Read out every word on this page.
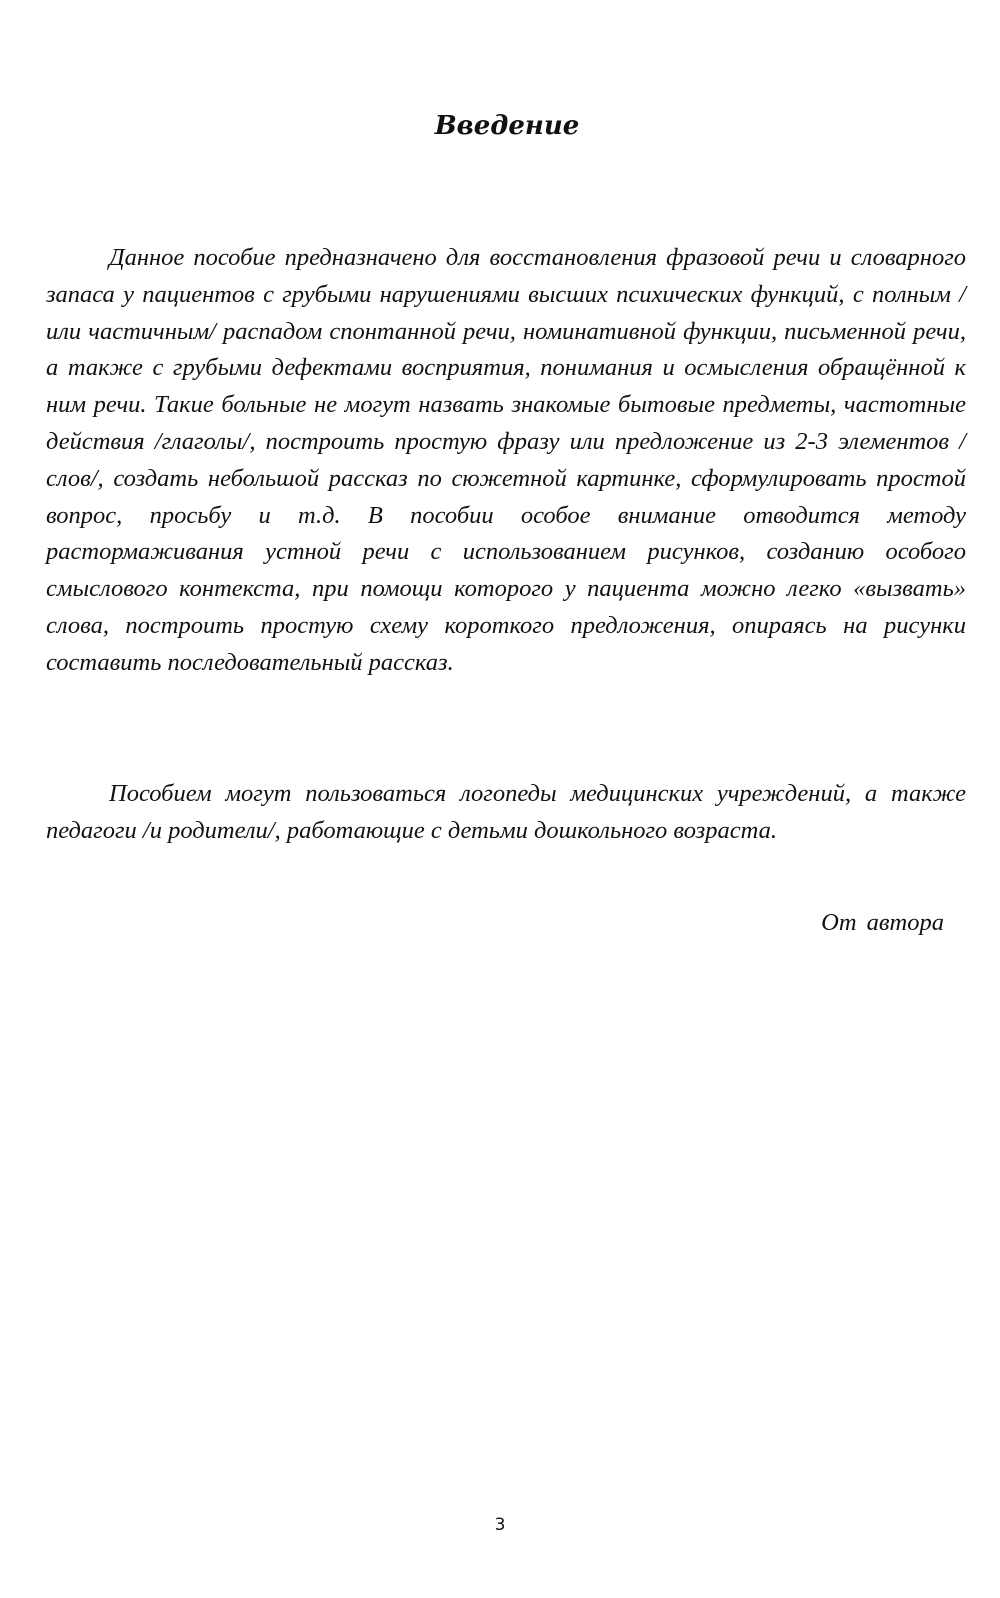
Введение

Данное пособие предназначено для восстановления фразовой речи и словарного запаса у пациентов с грубыми нарушениями высших психических функций, с полным /или частичным/ распадом спонтанной речи, номинативной функции, письменной речи, а также с грубыми дефектами восприятия, понимания и осмысления обращённой к ним речи. Такие больные не могут назвать знакомые бытовые предметы, частотные действия /глаголы/, построить простую фразу или предложение из 2-3 элементов /слов/, создать небольшой рассказ по сюжетной картинке, сформулировать простой вопрос, просьбу и т.д. В пособии особое внимание отводится методу растормаживания устной речи с использованием рисунков, созданию особого смыслового контекста, при помощи которого у пациента можно легко «вызвать» слова, построить простую схему короткого предложения, опираясь на рисунки составить последовательный рассказ.

Пособием могут пользоваться логопеды медицинских учреждений, а также педагоги /и родители/, работающие с детьми дошкольного возраста.

От автора

3
